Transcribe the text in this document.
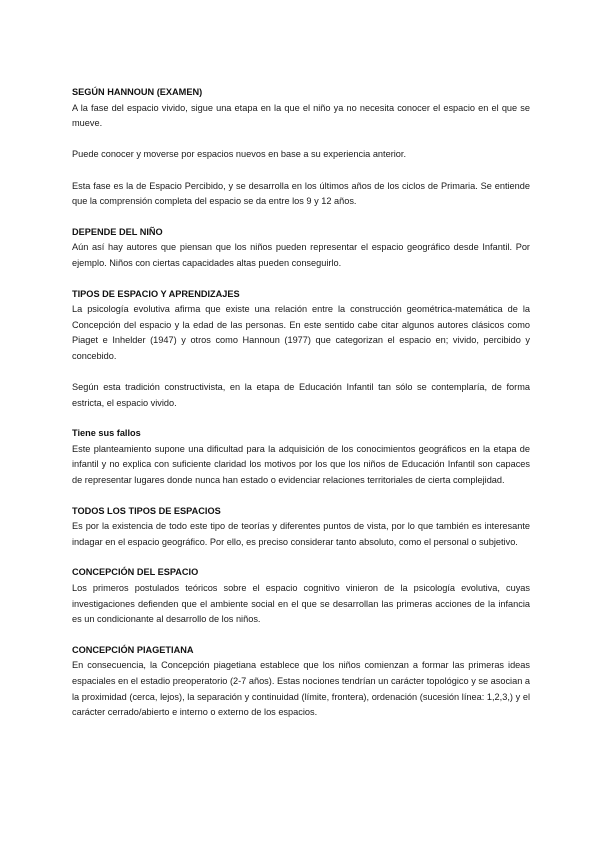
SEGÚN HANNOUN (EXAMEN)

A la fase del espacio vivido, sigue una etapa en la que el niño ya no necesita conocer el espacio en el que se mueve.

Puede conocer y moverse por espacios nuevos en base a su experiencia anterior.

Esta fase es la de Espacio Percibido, y se desarrolla en los últimos años de los ciclos de Primaria. Se entiende que la comprensión completa del espacio se da entre los 9 y 12 años.

DEPENDE DEL NIÑO

Aún así hay autores que piensan que los niños pueden representar el espacio geográfico desde Infantil. Por ejemplo. Niños con ciertas capacidades altas pueden conseguirlo.

TIPOS DE ESPACIO Y APRENDIZAJES

La psicología evolutiva afirma que existe una relación entre la construcción geométrica-matemática de la Concepción del espacio y la edad de las personas. En este sentido cabe citar algunos autores clásicos como Piaget e Inhelder (1947) y otros como Hannoun (1977) que categorizan el espacio en; vivido, percibido y concebido.

Según esta tradición constructivista, en la etapa de Educación Infantil tan sólo se contemplaría, de forma estricta, el espacio vivido.

Tiene sus fallos

Este planteamiento supone una dificultad para la adquisición de los conocimientos geográficos en la etapa de infantil y no explica con suficiente claridad los motivos por los que los niños de Educación Infantil son capaces de representar lugares donde nunca han estado o evidenciar relaciones territoriales de cierta complejidad.

TODOS LOS TIPOS DE ESPACIOS

Es por la existencia de todo este tipo de teorías y diferentes puntos de vista, por lo que también es interesante indagar en el espacio geográfico. Por ello, es preciso considerar tanto absoluto, como el personal o subjetivo.

CONCEPCIÓN DEL ESPACIO

Los primeros postulados teóricos sobre el espacio cognitivo vinieron de la psicología evolutiva, cuyas investigaciones defienden que el ambiente social en el que se desarrollan las primeras acciones de la infancia es un condicionante al desarrollo de los niños.

CONCEPCIÓN PIAGETIANA

En consecuencia, la Concepción piagetiana establece que los niños comienzan a formar las primeras ideas espaciales en el estadio preoperatorio (2-7 años). Estas nociones tendrían un carácter topológico y se asocian a la proximidad (cerca, lejos), la separación y continuidad (límite, frontera), ordenación (sucesión línea: 1,2,3,) y el carácter cerrado/abierto e interno o externo de los espacios.
